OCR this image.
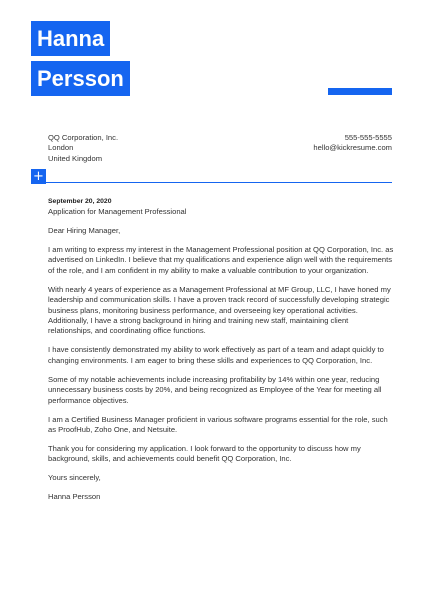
Hanna
Persson
QQ Corporation, Inc.
London
United Kingdom
555-555-5555
hello@kickresume.com
+
September 20, 2020
Application for Management Professional
Dear Hiring Manager,

I am writing to express my interest in the Management Professional position at QQ Corporation, Inc. as advertised on LinkedIn. I believe that my qualifications and experience align well with the requirements of the role, and I am confident in my ability to make a valuable contribution to your organization.

With nearly 4 years of experience as a Management Professional at MF Group, LLC, I have honed my leadership and communication skills. I have a proven track record of successfully developing strategic business plans, monitoring business performance, and overseeing key operational activities. Additionally, I have a strong background in hiring and training new staff, maintaining client relationships, and coordinating office functions.

I have consistently demonstrated my ability to work effectively as part of a team and adapt quickly to changing environments. I am eager to bring these skills and experiences to QQ Corporation, Inc.

Some of my notable achievements include increasing profitability by 14% within one year, reducing unnecessary business costs by 20%, and being recognized as Employee of the Year for meeting all performance objectives.

I am a Certified Business Manager proficient in various software programs essential for the role, such as ProofHub, Zoho One, and Netsuite.

Thank you for considering my application. I look forward to the opportunity to discuss how my background, skills, and achievements could benefit QQ Corporation, Inc.

Yours sincerely,
Hanna Persson
